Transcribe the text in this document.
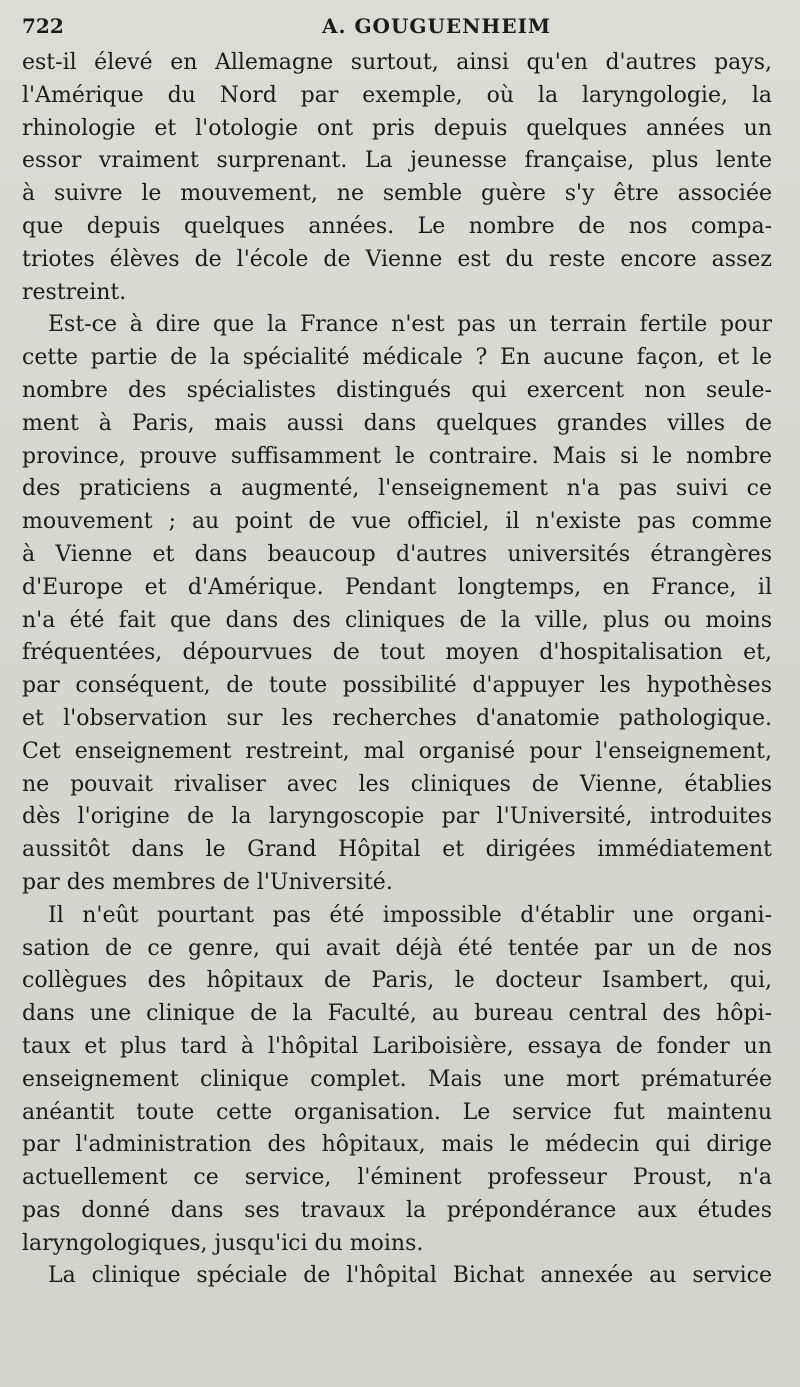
722	A. GOUGUENHEIM
est-il élevé en Allemagne surtout, ainsi qu'en d'autres pays,
l'Amérique du Nord par exemple, où la laryngologie, la
rhinologie et l'otologie ont pris depuis quelques années un
essor vraiment surprenant. La jeunesse française, plus lente
à suivre le mouvement, ne semble guère s'y être associée
que depuis quelques années. Le nombre de nos compa-
triotes élèves de l'école de Vienne est du reste encore assez
restreint.
Est-ce à dire que la France n'est pas un terrain fertile pour
cette partie de la spécialité médicale ? En aucune façon, et le
nombre des spécialistes distingués qui exercent non seule-
ment à Paris, mais aussi dans quelques grandes villes de
province, prouve suffisamment le contraire. Mais si le nombre
des praticiens a augmenté, l'enseignement n'a pas suivi ce
mouvement ; au point de vue officiel, il n'existe pas comme
à Vienne et dans beaucoup d'autres universités étrangères
d'Europe et d'Amérique. Pendant longtemps, en France, il
n'a été fait que dans des cliniques de la ville, plus ou moins
fréquentées, dépourvues de tout moyen d'hospitalisation et,
par conséquent, de toute possibilité d'appuyer les hypothèses
et l'observation sur les recherches d'anatomie pathologique.
Cet enseignement restreint, mal organisé pour l'enseignement,
ne pouvait rivaliser avec les cliniques de Vienne, établies
dès l'origine de la laryngoscopie par l'Université, introduites
aussitôt dans le Grand Hôpital et dirigées immédiatement
par des membres de l'Université.
Il n'eût pourtant pas été impossible d'établir une organi-
sation de ce genre, qui avait déjà été tentée par un de nos
collègues des hôpitaux de Paris, le docteur Isambert, qui,
dans une clinique de la Faculté, au bureau central des hôpi-
taux et plus tard à l'hôpital Lariboisière, essaya de fonder un
enseignement clinique complet. Mais une mort prématurée
anéantit toute cette organisation. Le service fut maintenu
par l'administration des hôpitaux, mais le médecin qui dirige
actuellement ce service, l'éminent professeur Proust, n'a
pas donné dans ses travaux la prépondérance aux études
laryngologiques, jusqu'ici du moins.
La clinique spéciale de l'hôpital Bichat annexée au service
